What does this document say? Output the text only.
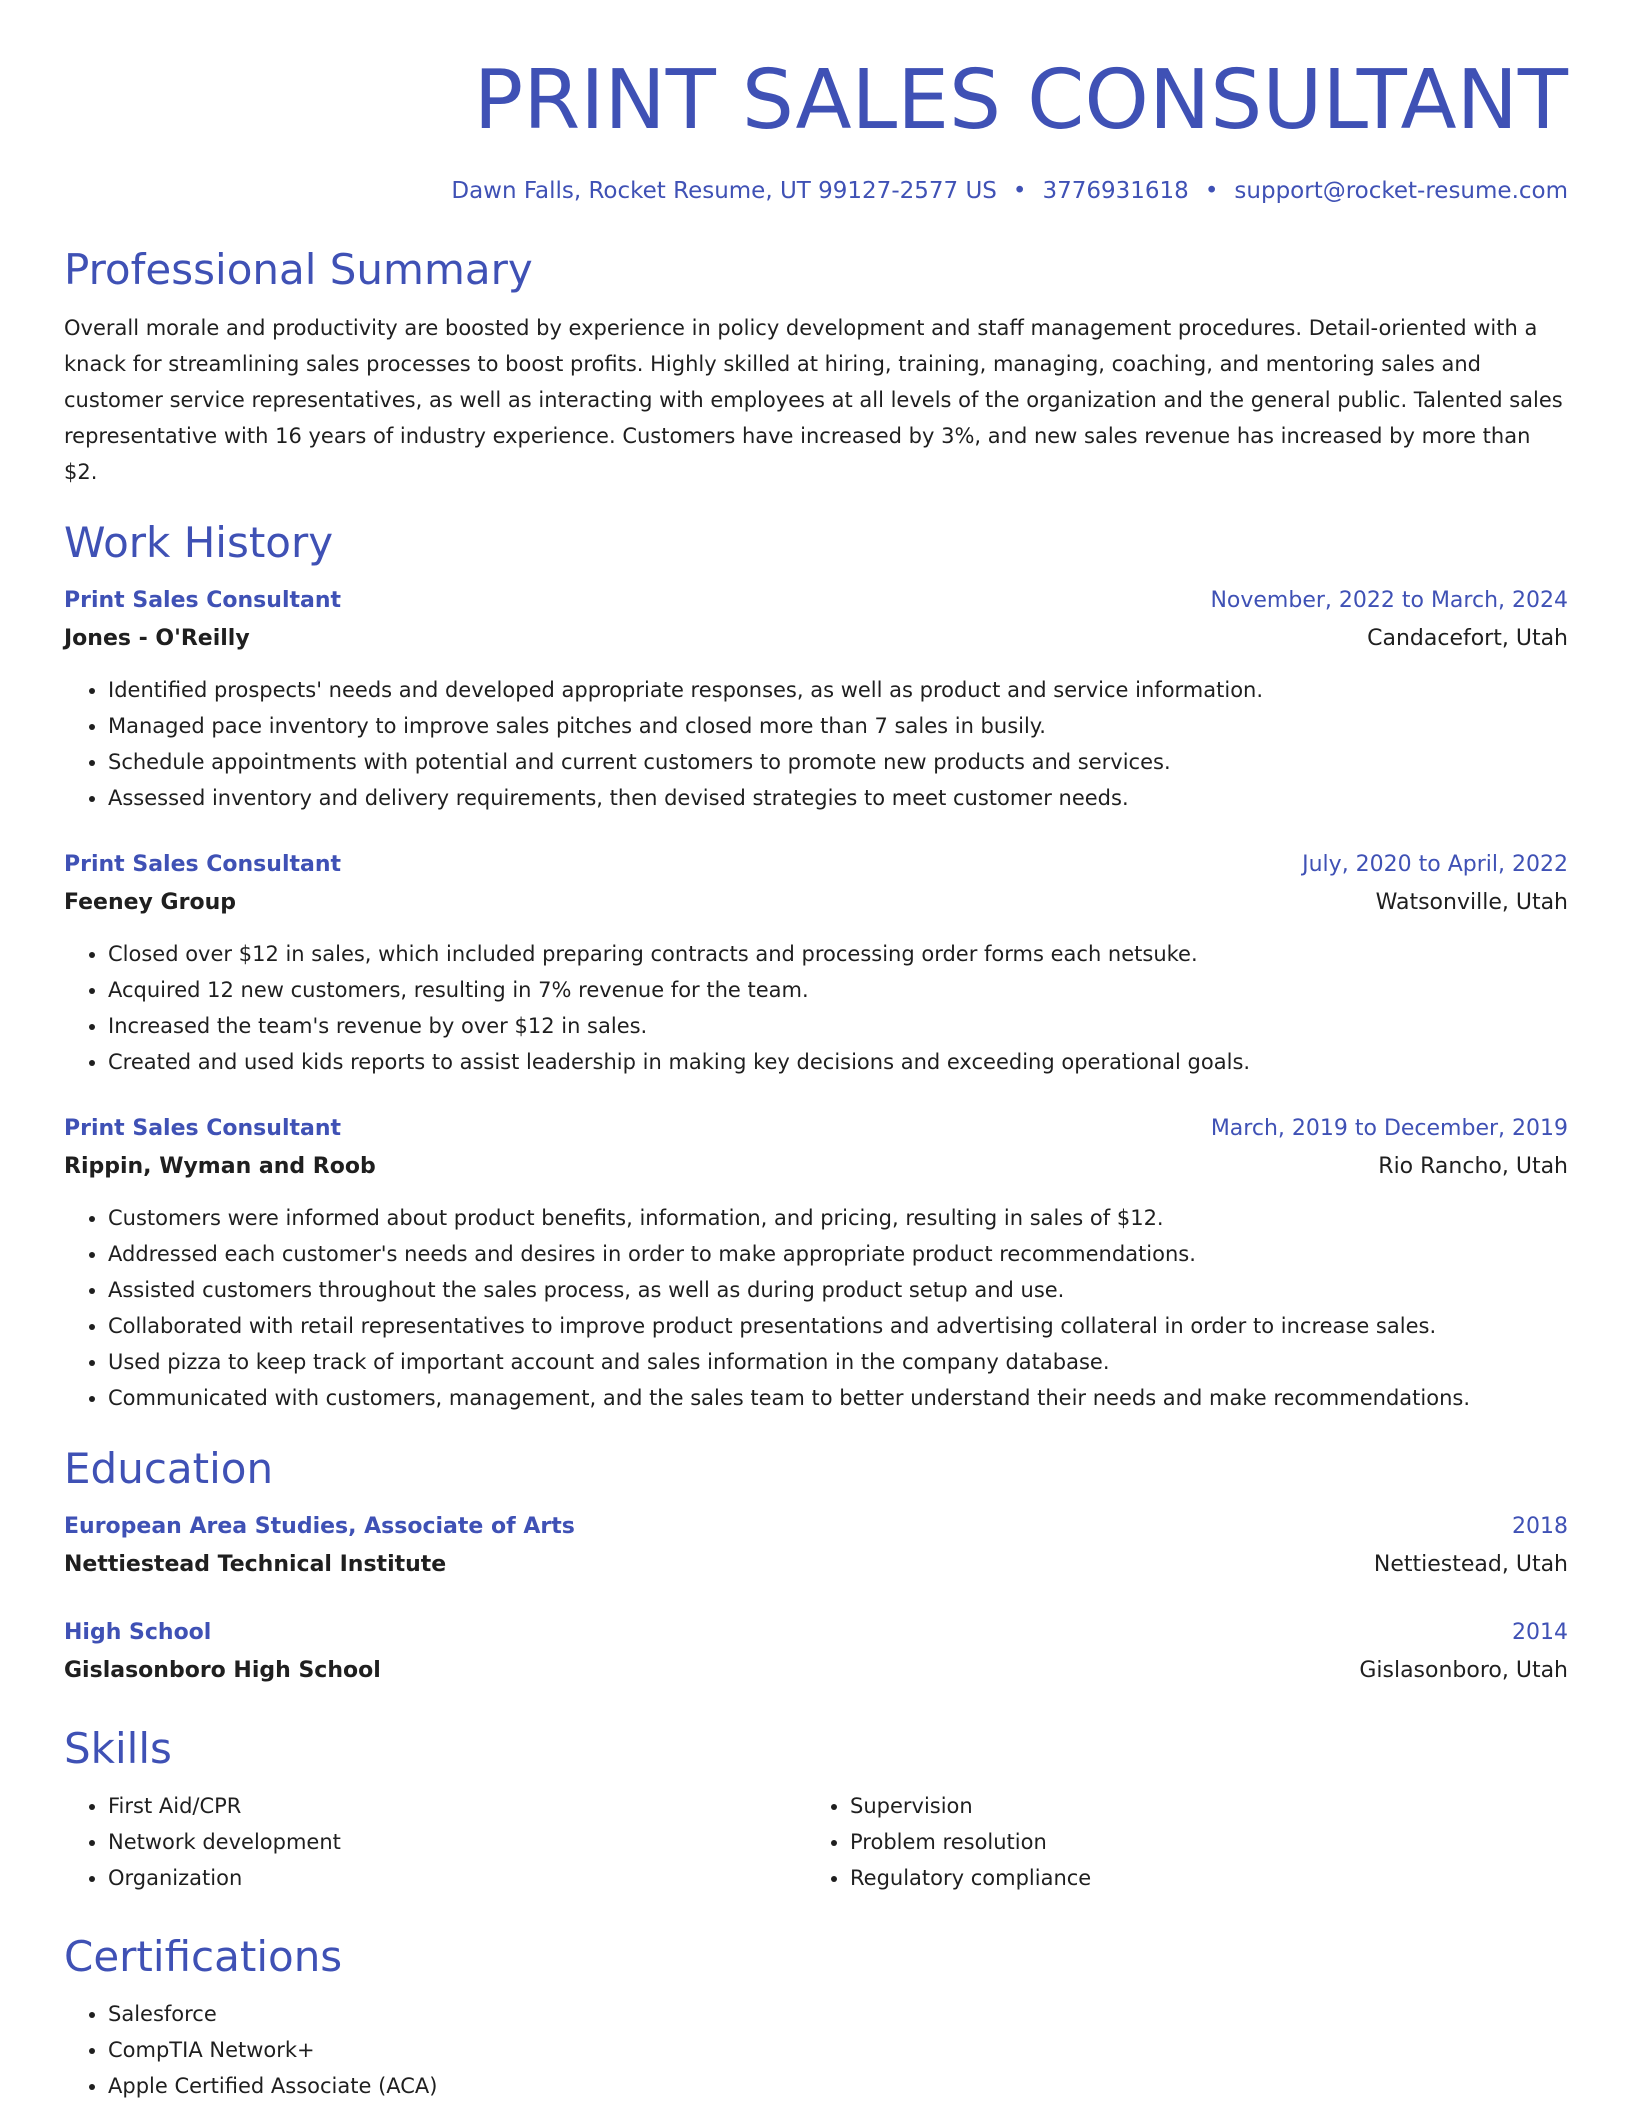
PRINT SALES CONSULTANT
Dawn Falls, Rocket Resume, UT 99127-2577 US • 3776931618 • support@rocket-resume.com
Professional Summary
Overall morale and productivity are boosted by experience in policy development and staff management procedures. Detail-oriented with a knack for streamlining sales processes to boost profits. Highly skilled at hiring, training, managing, coaching, and mentoring sales and customer service representatives, as well as interacting with employees at all levels of the organization and the general public. Talented sales representative with 16 years of industry experience. Customers have increased by 3%, and new sales revenue has increased by more than $2.
Work History
Print Sales Consultant	November, 2022 to March, 2024
Jones - O'Reilly	Candacefort, Utah
• Identified prospects' needs and developed appropriate responses, as well as product and service information.
• Managed pace inventory to improve sales pitches and closed more than 7 sales in busily.
• Schedule appointments with potential and current customers to promote new products and services.
• Assessed inventory and delivery requirements, then devised strategies to meet customer needs.
Print Sales Consultant	July, 2020 to April, 2022
Feeney Group	Watsonville, Utah
• Closed over $12 in sales, which included preparing contracts and processing order forms each netsuke.
• Acquired 12 new customers, resulting in 7% revenue for the team.
• Increased the team's revenue by over $12 in sales.
• Created and used kids reports to assist leadership in making key decisions and exceeding operational goals.
Print Sales Consultant	March, 2019 to December, 2019
Rippin, Wyman and Roob	Rio Rancho, Utah
• Customers were informed about product benefits, information, and pricing, resulting in sales of $12.
• Addressed each customer's needs and desires in order to make appropriate product recommendations.
• Assisted customers throughout the sales process, as well as during product setup and use.
• Collaborated with retail representatives to improve product presentations and advertising collateral in order to increase sales.
• Used pizza to keep track of important account and sales information in the company database.
• Communicated with customers, management, and the sales team to better understand their needs and make recommendations.
Education
European Area Studies, Associate of Arts	2018
Nettiestead Technical Institute	Nettiestead, Utah
High School	2014
Gislasonboro High School	Gislasonboro, Utah
Skills
• First Aid/CPR
• Network development
• Organization
• Supervision
• Problem resolution
• Regulatory compliance
Certifications
• Salesforce
• CompTIA Network+
• Apple Certified Associate (ACA)
